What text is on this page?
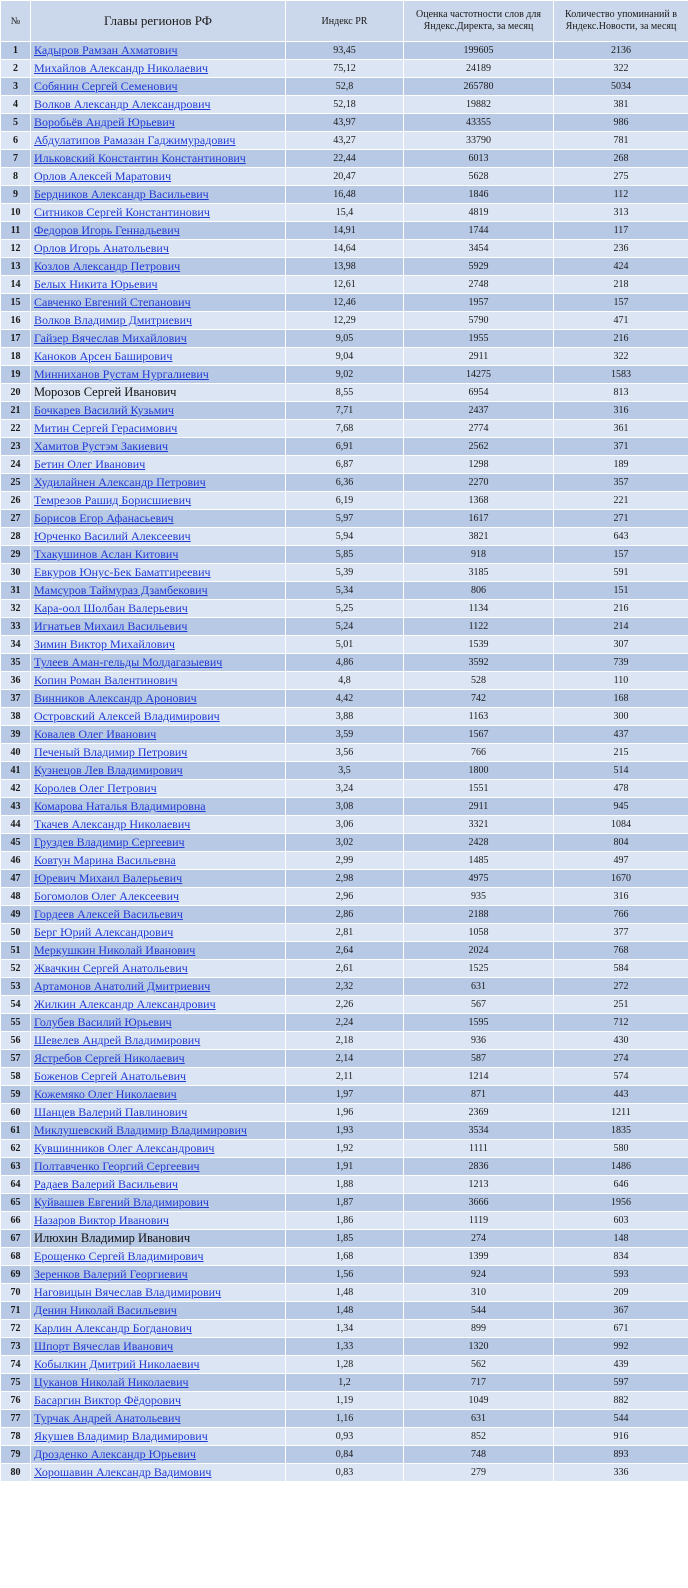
№	Главы регионов РФ	Индекс PR	Оценка частотности слов для Яндекс.Директа, за месяц	Количество упоминаний в Яндекс.Новости, за месяц
1	Кадыров Рамзан Ахматович	93,45	199605	2136
2	Михайлов Александр Николаевич	75,12	24189	322
3	Собянин Сергей Семенович	52,8	265780	5034
4	Волков Александр Александрович	52,18	19882	381
5	Воробьёв Андрей Юрьевич	43,97	43355	986
6	Абдулатипов Рамазан Гаджимурадович	43,27	33790	781
7	Ильковский Константин Константинович	22,44	6013	268
8	Орлов Алексей Маратович	20,47	5628	275
9	Бердников Александр Васильевич	16,48	1846	112
10	Ситников Сергей Константинович	15,4	4819	313
11	Федоров Игорь Геннадьевич	14,91	1744	117
12	Орлов Игорь Анатольевич	14,64	3454	236
13	Козлов Александр Петрович	13,98	5929	424
14	Белых Никита Юрьевич	12,61	2748	218
15	Савченко Евгений Степанович	12,46	1957	157
16	Волков Владимир Дмитриевич	12,29	5790	471
17	Гайзер Вячеслав Михайлович	9,05	1955	216
18	Каноков Арсен Баширович	9,04	2911	322
19	Минниханов Рустам Нургалиевич	9,02	14275	1583
20	Морозов Сергей Иванович	8,55	6954	813
21	Бочкарев Василий Кузьмич	7,71	2437	316
22	Митин Сергей Герасимович	7,68	2774	361
23	Хамитов Рустэм Закиевич	6,91	2562	371
24	Бетин Олег Иванович	6,87	1298	189
25	Худилайнен Александр Петрович	6,36	2270	357
26	Темрезов Рашид Борисшиевич	6,19	1368	221
27	Борисов Егор Афанасьевич	5,97	1617	271
28	Юрченко Василий Алексеевич	5,94	3821	643
29	Тхакушинов Аслан Китович	5,85	918	157
30	Евкуров Юнус-Бек Баматгиреевич	5,39	3185	591
31	Мамсуров Таймураз Дзамбекович	5,34	806	151
32	Кара-оол Шолбан Валерьевич	5,25	1134	216
33	Игнатьев Михаил Васильевич	5,24	1122	214
34	Зимин Виктор Михайлович	5,01	1539	307
35	Тулеев Аман-гельды Молдагазыевич	4,86	3592	739
36	Копин Роман Валентинович	4,8	528	110
37	Винников Александр Аронович	4,42	742	168
38	Островский Алексей Владимирович	3,88	1163	300
39	Ковалев Олег Иванович	3,59	1567	437
40	Печеный Владимир Петрович	3,56	766	215
41	Кузнецов Лев Владимирович	3,5	1800	514
42	Королев Олег Петрович	3,24	1551	478
43	Комарова Наталья Владимировна	3,08	2911	945
44	Ткачев Александр Николаевич	3,06	3321	1084
45	Груздев Владимир Сергеевич	3,02	2428	804
46	Ковтун Марина Васильевна	2,99	1485	497
47	Юревич Михаил Валерьевич	2,98	4975	1670
48	Богомолов Олег Алексеевич	2,96	935	316
49	Гордеев Алексей Васильевич	2,86	2188	766
50	Берг Юрий Александрович	2,81	1058	377
51	Меркушкин Николай Иванович	2,64	2024	768
52	Жвачкин Сергей Анатольевич	2,61	1525	584
53	Артамонов Анатолий Дмитриевич	2,32	631	272
54	Жилкин Александр Александрович	2,26	567	251
55	Голубев Василий Юрьевич	2,24	1595	712
56	Шевелев Андрей Владимирович	2,18	936	430
57	Ястребов Сергей Николаевич	2,14	587	274
58	Боженов Сергей Анатольевич	2,11	1214	574
59	Кожемяко Олег Николаевич	1,97	871	443
60	Шанцев Валерий Павлинович	1,96	2369	1211
61	Миклушевский Владимир Владимирович	1,93	3534	1835
62	Кувшинников Олег Александрович	1,92	1111	580
63	Полтавченко Георгий Сергеевич	1,91	2836	1486
64	Радаев Валерий Васильевич	1,88	1213	646
65	Куйвашев Евгений Владимирович	1,87	3666	1956
66	Назаров Виктор Иванович	1,86	1119	603
67	Илюхин Владимир Иванович	1,85	274	148
68	Ерощенко Сергей Владимирович	1,68	1399	834
69	Зеренков Валерий Георгиевич	1,56	924	593
70	Наговицын Вячеслав Владимирович	1,48	310	209
71	Денин Николай Васильевич	1,48	544	367
72	Карлин Александр Богданович	1,34	899	671
73	Шпорт Вячеслав Иванович	1,33	1320	992
74	Кобылкин Дмитрий Николаевич	1,28	562	439
75	Цуканов Николай Николаевич	1,2	717	597
76	Басаргин Виктор Фёдорович	1,19	1049	882
77	Турчак Андрей Анатольевич	1,16	631	544
78	Якушев Владимир Владимирович	0,93	852	916
79	Дрозденко Александр Юрьевич	0,84	748	893
80	Хорошавин Александр Вадимович	0,83	279	336
